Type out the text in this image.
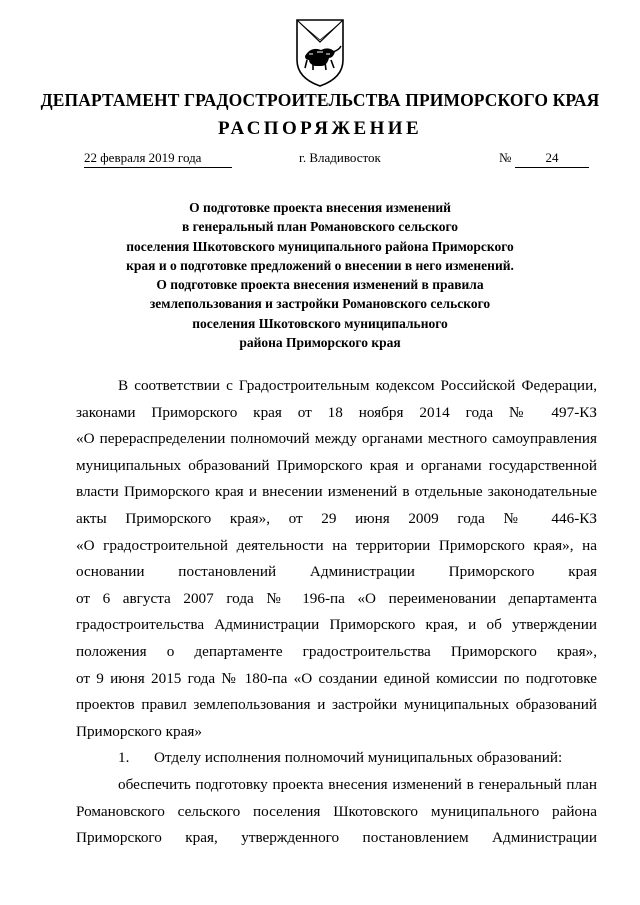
ДЕПАРТАМЕНТ ГРАДОСТРОИТЕЛЬСТВА ПРИМОРСКОГО КРАЯ
РАСПОРЯЖЕНИЕ
22 февраля 2019 года	г. Владивосток	№	24
О подготовке проекта внесения изменений
в генеральный план Романовского сельского
поселения Шкотовского муниципального района Приморского
края и о подготовке предложений о внесении в него изменений.
О подготовке проекта внесения изменений в правила
землепользования и застройки Романовского сельского
поселения Шкотовского муниципального
района Приморского края
В соответствии с Градостроительным кодексом Российской Федерации,
законами Приморского края от 18 ноября 2014 года № 497-КЗ
«О перераспределении полномочий между органами местного самоуправления
муниципальных образований Приморского края и органами государственной
власти Приморского края и внесении изменений в отдельные законодательные
акты Приморского края», от 29 июня 2009 года № 446-КЗ
«О градостроительной деятельности на территории Приморского края», на
основании постановлений Администрации Приморского края
от 6 августа 2007 года № 196-па «О переименовании департамента
градостроительства Администрации Приморского края, и об утверждении
положения о департаменте градостроительства Приморского края»,
от 9 июня 2015 года № 180-па «О создании единой комиссии по подготовке
проектов правил землепользования и застройки муниципальных образований
Приморского края»
1. Отделу исполнения полномочий муниципальных образований:
обеспечить подготовку проекта внесения изменений в генеральный план
Романовского сельского поселения Шкотовского муниципального района
Приморского края, утвержденного постановлением Администрации
